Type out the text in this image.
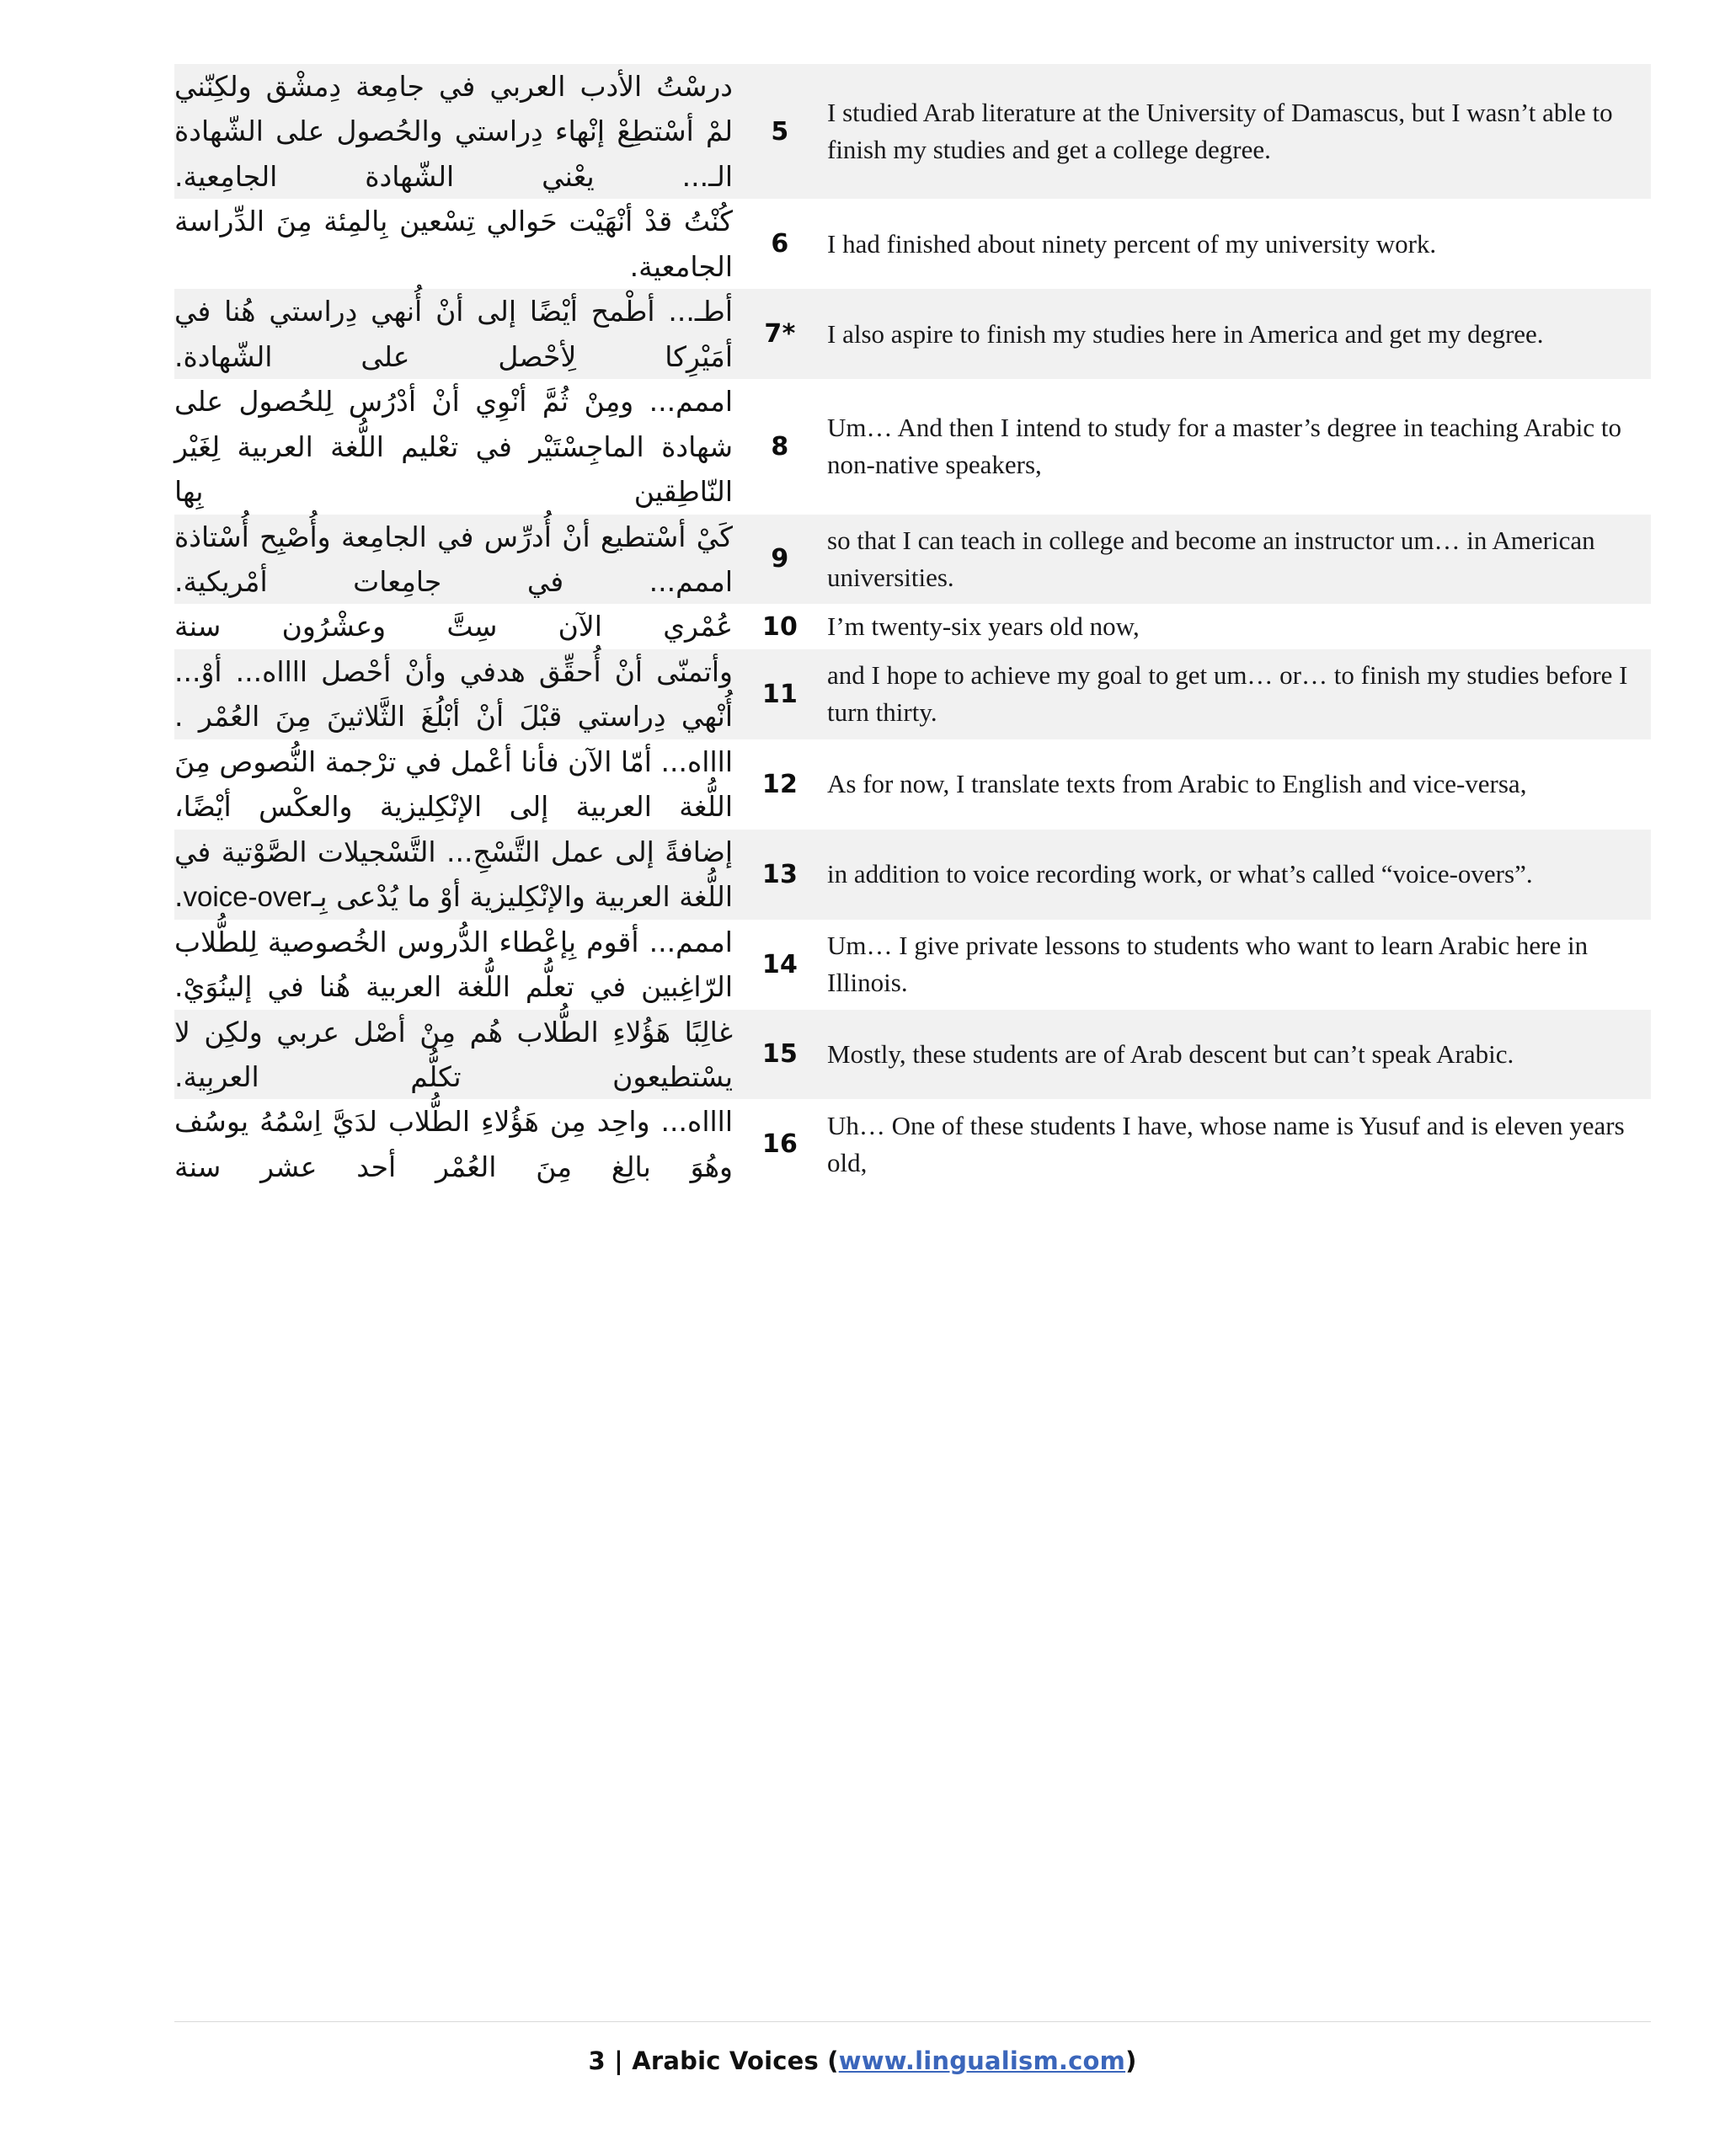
درست الأدب العربي في جامعة دمشق ولكنني لم أستطع إنهاء دراستي والحصول على الشهادة الـ... يعني الشهادة الجامعية.	5	I studied Arab literature at the University of Damascus, but I wasn’t able to finish my studies and get a college degree.
كنت قد أنهيت حوالي تسعين بالمئة من الدراسة الجامعية.	6	I had finished about ninety percent of my university work.
أطـ... أطمح أيضا إلى أن أنهي دراستي هنا في أميركا لأحصل على الشهادة.	7*	I also aspire to finish my studies here in America and get my degree.
اممم... ومن ثم أنوي أن أدرس للحصول على شهادة الماجستير في تعليم اللغة العربية لغير الناطقين بها	8	Um… And then I intend to study for a master’s degree in teaching Arabic to non-native speakers,
كي أستطيع أن أدرس في الجامعة وأصبح أستاذة اممم... في جامعات أمريكية.	9	so that I can teach in college and become an instructor um… in American universities.
عمري الآن ست وعشرون سنة	10	I’m twenty-six years old now,
وأتمنى أن أحقق هدفي وأن أحصل ااااه... أو... أنهي دراستي قبل أن أبلغ الثلاثين من العمر .	11	and I hope to achieve my goal to get um… or… to finish my studies before I turn thirty.
ااااه... أما الآن فأنا أعمل في ترجمة النصوص من اللغة العربية إلى الإنكليزية والعكس أيضا،	12	As for now, I translate texts from Arabic to English and vice-versa,
إضافة إلى عمل التسج... التسجيلات الصوتية في اللغة العربية والإنكليزية أو ما يدعى بـvoice-over.	13	in addition to voice recording work, or what’s called “voice-overs”.
اممم... أقوم بإعطاء الدروس الخصوصية للطلاب الراغبين في تعلم اللغة العربية هنا في إلينوي.	14	Um… I give private lessons to students who want to learn Arabic here in Illinois.
غالبا هؤلاء الطلاب هم من أصل عربي ولكن لا يستطيعون تكلم العربية.	15	Mostly, these students are of Arab descent but can’t speak Arabic.
ااااه... واحد من هؤلاء الطلاب لدي اسمه يوسف وهو بالغ من العمر أحد عشر سنة	16	Uh… One of these students I have, whose name is Yusuf and is eleven years old,
3 | Arabic Voices (www.lingualism.com)
